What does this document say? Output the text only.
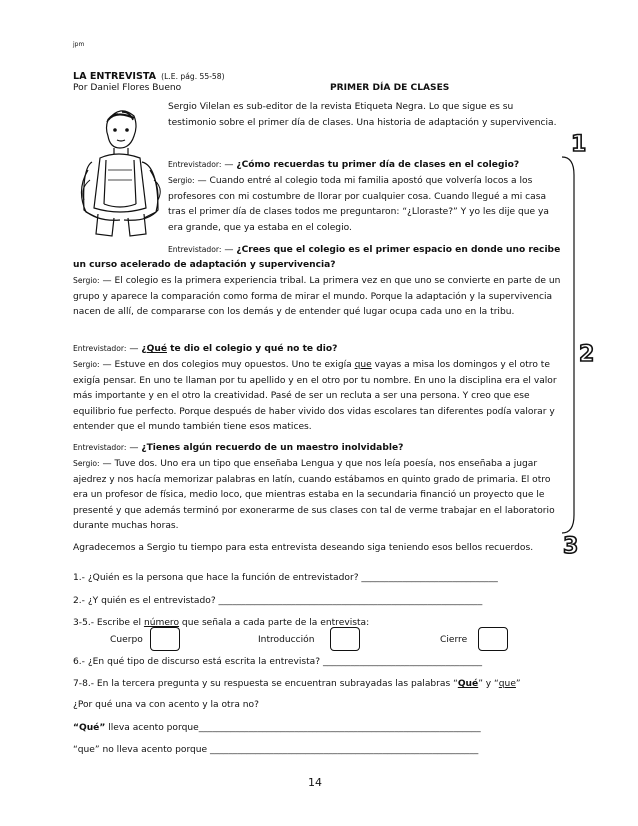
jpm
LA ENTREVISTA (L.E. pág. 55-58)
Por Daniel Flores Bueno	PRIMER DÍA DE CLASES
Sergio Vilelan es sub-editor de la revista Etiqueta Negra. Lo que sigue es su testimonio sobre el primer día de clases. Una historia de adaptación y supervivencia.
Entrevistador: — ¿Cómo recuerdas tu primer día de clases en el colegio?
Sergio: — Cuando entré al colegio toda mi familia apostó que volvería locos a los profesores con mi costumbre de llorar por cualquier cosa. Cuando llegué a mi casa tras el primer día de clases todos me preguntaron: “¿Lloraste?” Y yo les dije que ya era grande, que ya estaba en el colegio.
Entrevistador: — ¿Crees que el colegio es el primer espacio en donde uno recibe
un curso acelerado de adaptación y supervivencia?
Sergio: — El colegio es la primera experiencia tribal. La primera vez en que uno se convierte en parte de un grupo y aparece la comparación como forma de mirar el mundo. Porque la adaptación y la supervivencia nacen de allí, de compararse con los demás y de entender qué lugar ocupa cada uno en la tribu.
Entrevistador: — ¿Qué te dio el colegio y qué no te dio?
Sergio: — Estuve en dos colegios muy opuestos. Uno te exigía que vayas a misa los domingos y el otro te exigía pensar. En uno te llaman por tu apellido y en el otro por tu nombre. En uno la disciplina era el valor más importante y en el otro la creatividad. Pasé de ser un recluta a ser una persona. Y creo que ese equilibrio fue perfecto. Porque después de haber vivido dos vidas escolares tan diferentes podía valorar y entender que el mundo también tiene esos matices.
Entrevistador: — ¿Tienes algún recuerdo de un maestro inolvidable?
Sergio: — Tuve dos. Uno era un tipo que enseñaba Lengua y que nos leía poesía, nos enseñaba a jugar ajedrez y nos hacía memorizar palabras en latín, cuando estábamos en quinto grado de primaria. El otro era un profesor de física, medio loco, que mientras estaba en la secundaria financió un proyecto que le presenté y que además terminó por exonerarme de sus clases con tal de verme trabajar en el laboratorio durante muchas horas.
Agradecemos a Sergio tu tiempo para esta entrevista deseando siga teniendo esos bellos recuerdos.
1
2
3
1.- ¿Quién es la persona que hace la función de entrevistador? ______________________________
2.- ¿Y quién es el entrevistado? __________________________________________________________
3-5.- Escribe el número que señala a cada parte de la entrevista:
Cuerpo	Introducción	Cierre
6.- ¿En qué tipo de discurso está escrita la entrevista? ___________________________________
7-8.- En la tercera pregunta y su respuesta se encuentran subrayadas las palabras “Qué” y “que”
¿Por qué una va con acento y la otra no?
“Qué” lleva acento porque______________________________________________________________
“que” no lleva acento porque ___________________________________________________________
14
